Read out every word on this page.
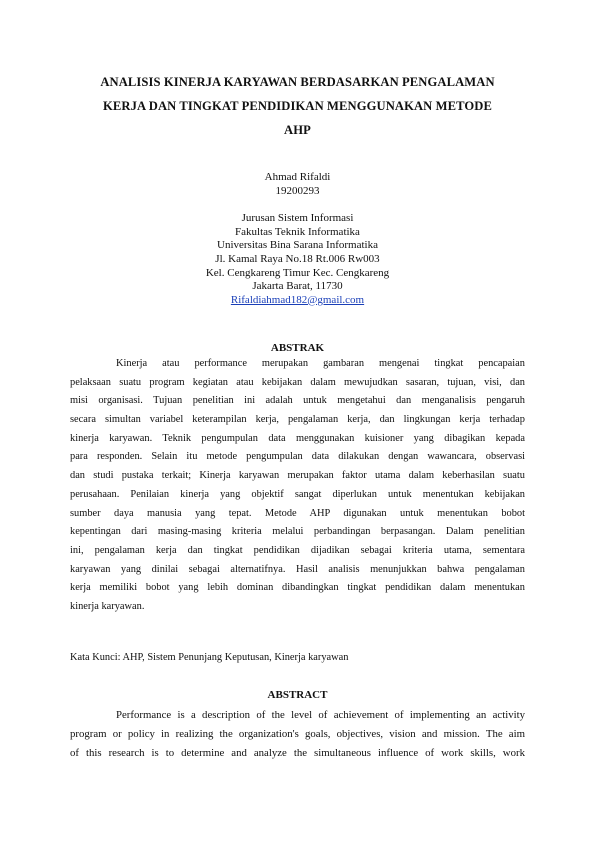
ANALISIS KINERJA KARYAWAN BERDASARKAN PENGALAMAN
KERJA DAN TINGKAT PENDIDIKAN MENGGUNAKAN METODE
AHP
Ahmad Rifaldi
19200293
Jurusan Sistem Informasi
Fakultas Teknik Informatika
Universitas Bina Sarana Informatika
Jl. Kamal Raya No.18 Rt.006 Rw003
Kel. Cengkareng Timur Kec. Cengkareng
Jakarta Barat, 11730
Rifaldiahmad182@gmail.com
ABSTRAK
Kinerja atau performance merupakan gambaran mengenai tingkat pencapaian
pelaksaan suatu program kegiatan atau kebijakan dalam mewujudkan sasaran, tujuan, visi, dan
misi organisasi. Tujuan penelitian ini adalah untuk mengetahui dan menganalisis pengaruh
secara simultan variabel keterampilan kerja, pengalaman kerja, dan lingkungan kerja terhadap
kinerja karyawan. Teknik pengumpulan data menggunakan kuisioner yang dibagikan kepada
para responden. Selain itu metode pengumpulan data dilakukan dengan wawancara, observasi
dan studi pustaka terkait; Kinerja karyawan merupakan faktor utama dalam keberhasilan suatu
perusahaan. Penilaian kinerja yang objektif sangat diperlukan untuk menentukan kebijakan
sumber daya manusia yang tepat. Metode AHP digunakan untuk menentukan bobot
kepentingan dari masing-masing kriteria melalui perbandingan berpasangan. Dalam penelitian
ini, pengalaman kerja dan tingkat pendidikan dijadikan sebagai kriteria utama, sementara
karyawan yang dinilai sebagai alternatifnya. Hasil analisis menunjukkan bahwa pengalaman
kerja memiliki bobot yang lebih dominan dibandingkan tingkat pendidikan dalam menentukan
kinerja karyawan.
Kata Kunci: AHP, Sistem Penunjang Keputusan, Kinerja karyawan
ABSTRACT
Performance is a description of the level of achievement of implementing an activity
program or policy in realizing the organization's goals, objectives, vision and mission. The aim
of this research is to determine and analyze the simultaneous influence of work skills, work
